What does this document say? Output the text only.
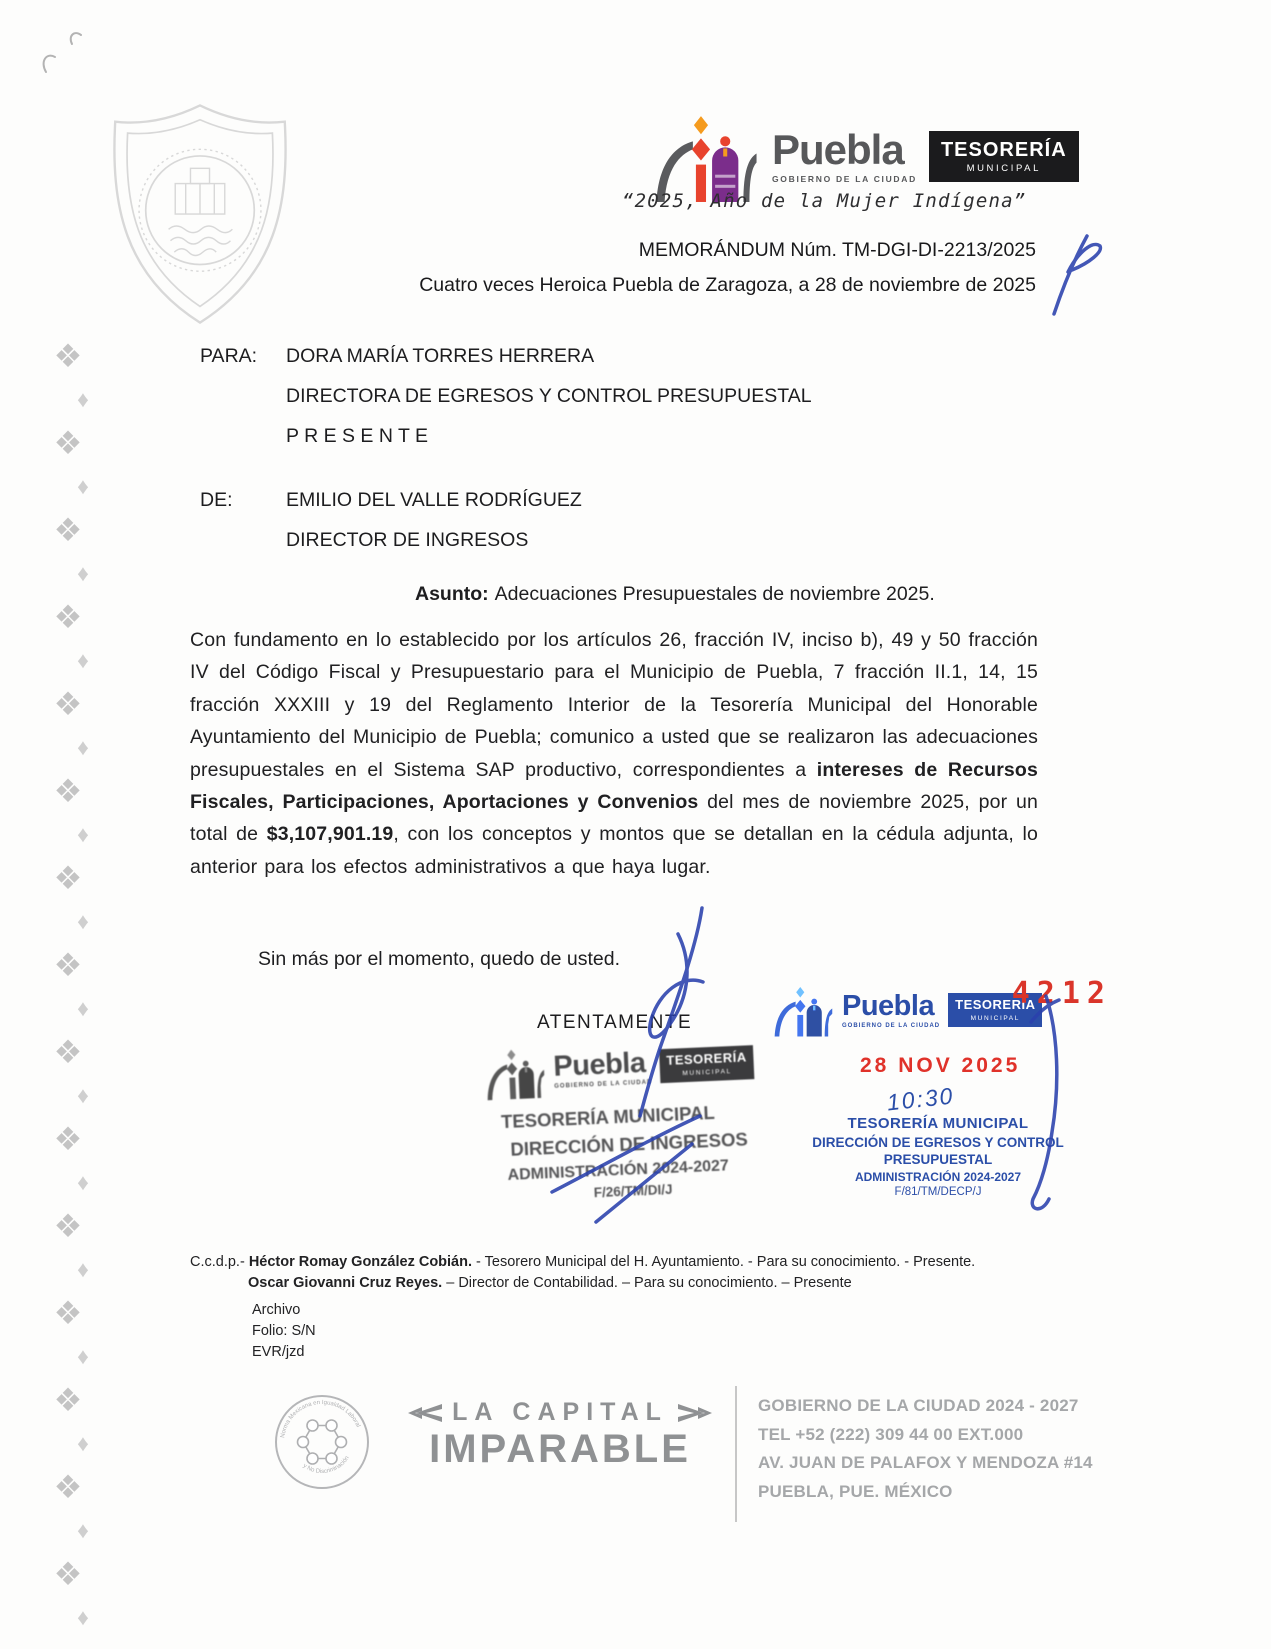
❖
♦
❖
♦
❖
♦
❖
♦
❖
♦
❖
♦
❖
♦
❖
♦
❖
♦
❖
♦
❖
♦
❖
♦
❖
♦
❖
♦
❖
♦
Puebla
GOBIERNO DE LA CIUDAD
TESORERÍA
MUNICIPAL
“2025, Año de la Mujer Indígena”
MEMORÁNDUM Núm. TM-DGI-DI-2213/2025
Cuatro veces Heroica Puebla de Zaragoza, a 28 de noviembre de 2025
PARA:	DORA MARÍA TORRES HERRERA
DIRECTORA DE EGRESOS Y CONTROL PRESUPUESTAL
P R E S E N T E
DE:	EMILIO DEL VALLE RODRÍGUEZ
DIRECTOR DE INGRESOS
Asunto: Adecuaciones Presupuestales de noviembre 2025.

Con fundamento en lo establecido por los artículos 26, fracción IV, inciso b), 49 y 50 fracción IV del Código Fiscal y Presupuestario para el Municipio de Puebla, 7 fracción II.1, 14, 15 fracción XXXIII y 19 del Reglamento Interior de la Tesorería Municipal del Honorable Ayuntamiento del Municipio de Puebla; comunico a usted que se realizaron las adecuaciones presupuestales en el Sistema SAP productivo, correspondientes a intereses de Recursos Fiscales, Participaciones, Aportaciones y Convenios del mes de noviembre 2025, por un total de $3,107,901.19, con los conceptos y montos que se detallan en la cédula adjunta, lo anterior para los efectos administrativos a que haya lugar.

Sin más por el momento, quedo de usted.
ATENTAMENTE
Puebla
GOBIERNO DE LA CIUDAD
TESORERÍA
MUNICIPAL
TESORERÍA MUNICIPAL
DIRECCIÓN DE INGRESOS
ADMINISTRACIÓN 2024-2027
F/26/TM/DI/J
Puebla
GOBIERNO DE LA CIUDAD
TESORERÍA
MUNICIPAL
4212
28 NOV 2025 10:30
TESORERÍA MUNICIPAL
DIRECCIÓN DE EGRESOS Y CONTROL
PRESUPUESTAL
ADMINISTRACIÓN 2024-2027
F/81/TM/DECP/J
C.c.d.p.- Héctor Romay González Cobián. - Tesorero Municipal del H. Ayuntamiento. - Para su conocimiento. - Presente.
Oscar Giovanni Cruz Reyes. – Director de Contabilidad. – Para su conocimiento. – Presente
Archivo
Folio: S/N
EVR/jzd
Norma Mexicana en Igualdad Laboral
y No Discriminación
LA CAPITAL
IMPARABLE
GOBIERNO DE LA CIUDAD 2024 - 2027
TEL +52 (222) 309 44 00 EXT.000
AV. JUAN DE PALAFOX Y MENDOZA #14
PUEBLA, PUE. MÉXICO
